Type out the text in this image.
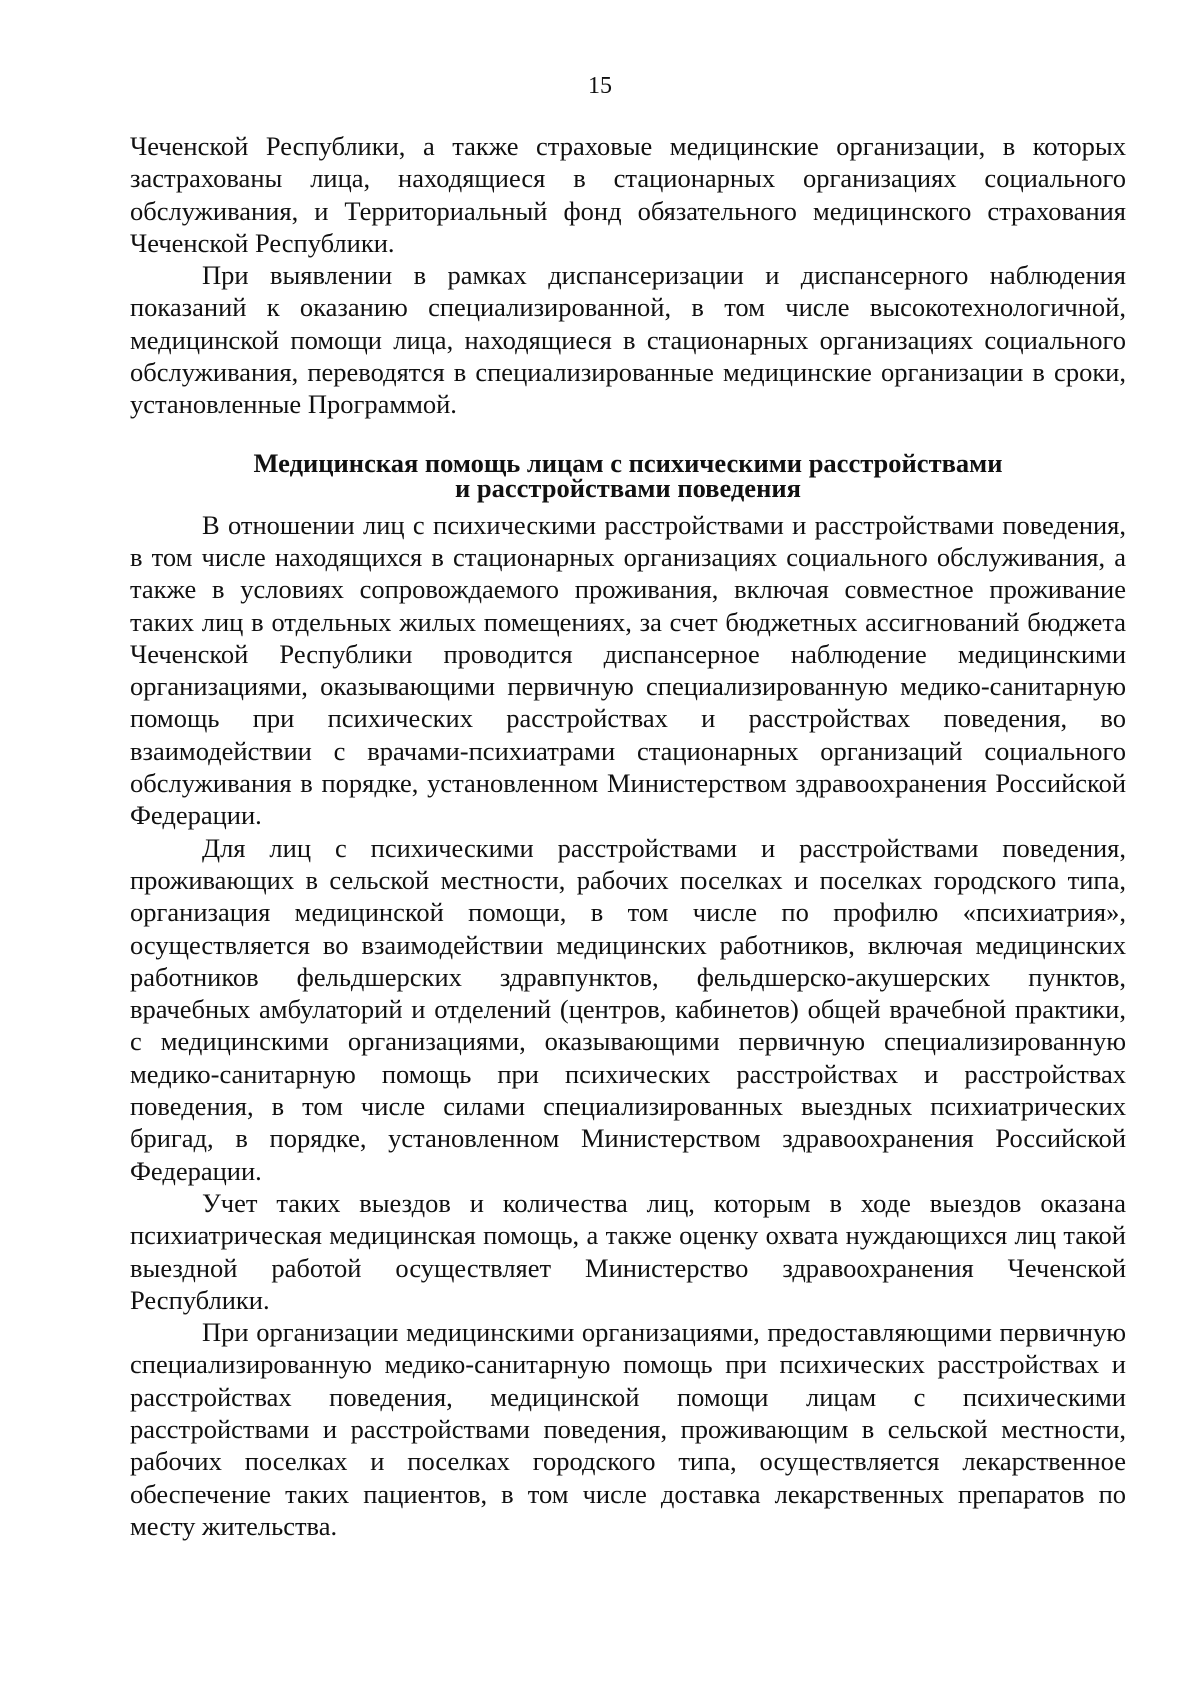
15

Чеченской Республики, а также страховые медицинские организации, в которых застрахованы лица, находящиеся в стационарных организациях социального обслуживания, и Территориальный фонд обязательного медицинского страхования Чеченской Республики.

При выявлении в рамках диспансеризации и диспансерного наблюдения показаний к оказанию специализированной, в том числе высокотехнологичной, медицинской помощи лица, находящиеся в стационарных организациях социального обслуживания, переводятся в специализированные медицинские организации в сроки, установленные Программой.

Медицинская помощь лицам с психическими расстройствами
и расстройствами поведения

В отношении лиц с психическими расстройствами и расстройствами поведения, в том числе находящихся в стационарных организациях социального обслуживания, а также в условиях сопровождаемого проживания, включая совместное проживание таких лиц в отдельных жилых помещениях, за счет бюджетных ассигнований бюджета Чеченской Республики проводится диспансерное наблюдение медицинскими организациями, оказывающими первичную специализированную медико-санитарную помощь при психических расстройствах и расстройствах поведения, во взаимодействии с врачами-психиатрами стационарных организаций социального обслуживания в порядке, установленном Министерством здравоохранения Российской Федерации.

Для лиц с психическими расстройствами и расстройствами поведения, проживающих в сельской местности, рабочих поселках и поселках городского типа, организация медицинской помощи, в том числе по профилю «психиатрия», осуществляется во взаимодействии медицинских работников, включая медицинских работников фельдшерских здравпунктов, фельдшерско-акушерских пунктов, врачебных амбулаторий и отделений (центров, кабинетов) общей врачебной практики, с медицинскими организациями, оказывающими первичную специализированную медико-санитарную помощь при психических расстройствах и расстройствах поведения, в том числе силами специализированных выездных психиатрических бригад, в порядке, установленном Министерством здравоохранения Российской Федерации.

Учет таких выездов и количества лиц, которым в ходе выездов оказана психиатрическая медицинская помощь, а также оценку охвата нуждающихся лиц такой выездной работой осуществляет Министерство здравоохранения Чеченской Республики.

При организации медицинскими организациями, предоставляющими первичную специализированную медико-санитарную помощь при психических расстройствах и расстройствах поведения, медицинской помощи лицам с психическими расстройствами и расстройствами поведения, проживающим в сельской местности, рабочих поселках и поселках городского типа, осуществляется лекарственное обеспечение таких пациентов, в том числе доставка лекарственных препаратов по месту жительства.
